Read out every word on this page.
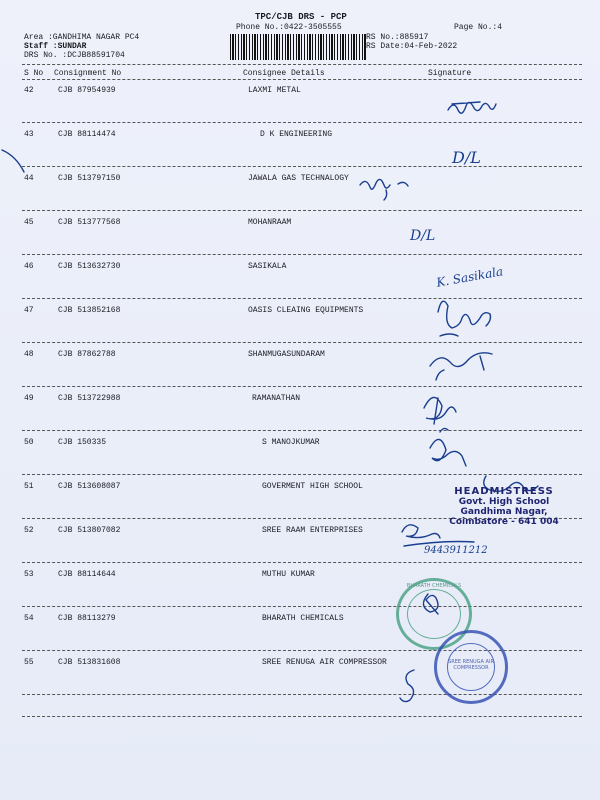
TPC/CJB DRS - PCP
Phone No.:0422-3505555	Page No.:4
Area :GANDHIMA NAGAR PC4
Staff :SUNDAR
DRS No. :DCJB88591704
RS No.:885917
RS Date:04-Feb-2022
S No Consignment No	Consignee Details	Signature
42	CJB 87954939	LAXMI METAL
43	CJB 88114474	D K ENGINEERING
44	CJB 513797150	JAWALA GAS TECHNALOGY
45	CJB 513777568	MOHANRAAM
46	CJB 513632730	SASIKALA
47	CJB 513852168	OASIS CLEAING EQUIPMENTS
48	CJB 87862788	SHANMUGASUNDARAM
49	CJB 513722988	RAMANATHAN
50	CJB 150335	S MANOJKUMAR
51	CJB 513608087	GOVERMENT HIGH SCHOOL
52	CJB 513807082	SREE RAAM ENTERPRISES
53	CJB 88114644	MUTHU KUMAR
54	CJB 88113279	BHARATH CHEMICALS
55	CJB 513831608	SREE RENUGA AIR COMPRESSOR
D/L
D/L
K. Sasikala
9443911212
HEADMISTRESS
Govt. High School
Gandhima Nagar,
Coimbatore - 641 004
BHARATH CHEMICALS
SREE RENUGA AIR COMPRESSOR
